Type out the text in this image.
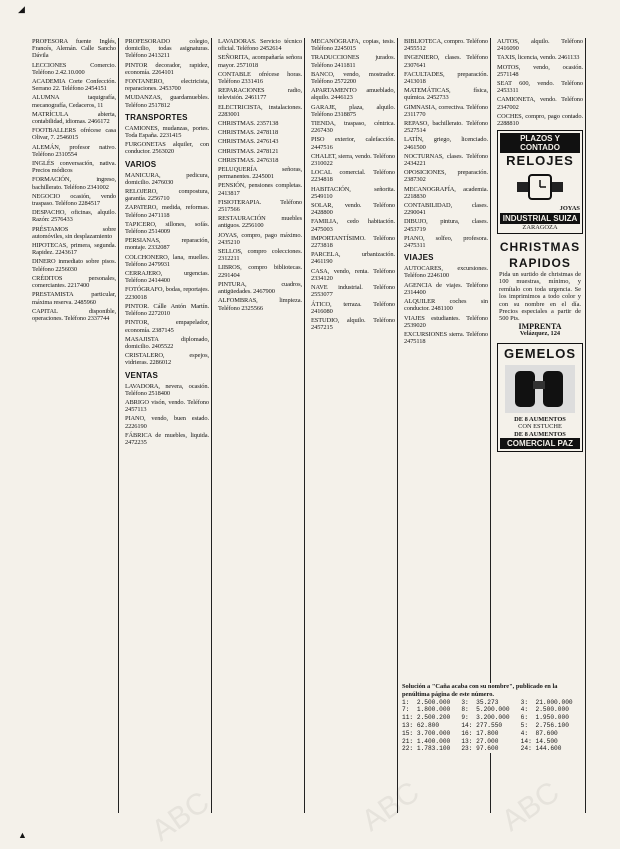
◢
▲	ABC	ABC ABC
PROFESORA fuente Inglés, Francés, Alemán. Calle Sancho Dávila
LECCIONES Comercio. Teléfono 2.42.10.000
ACADEMIA Corte Confección. Serrano 22. Teléfono 2454151
ALUMNA taquigrafía, mecanografía, Cedaceros, 11
MATRÍCULA abierta, contabilidad, idiomas. 2466172
FOOTBALLERS ofrécese casa Olivar, 7. 2546015
ALEMÁN, profesor nativo. Teléfono 2310554
INGLÉS conversación, nativa. Precios módicos
FORMACIÓN, ingreso, bachillerato. Teléfono 2341002
NEGOCIO ocasión, vendo traspaso. Teléfono 2284517
DESPACHO, oficinas, alquilo. Razón: 2576433
PRÉSTAMOS sobre automóviles, sin desplazamiento
HIPOTECAS, primera, segunda. Rapidez. 2243617
DINERO inmediato sobre pisos. Teléfono 2256030
CRÉDITOS personales, comerciantes. 2217400
PRESTAMISTA particular, máxima reserva. 2485960
CAPITAL disponible, operaciones. Teléfono 2337744
PROFESORADO colegio, domicilio, todas asignaturas. Teléfono 2413211
PINTOR decorador, rapidez, economía. 2264101
FONTANERO, electricista, reparaciones. 2453700
MUDANZAS, guardamuebles. Teléfono 2517812
TRANSPORTES
CAMIONES, mudanzas, portes. Toda España. 2231415
FURGONETAS alquiler, con conductor. 2563020
VARIOS
MANICURA, pedicura, domicilio. 2476030
RELOJERO, compostura, garantía. 2256710
ZAPATERO, medida, reformas. Teléfono 2471118
TAPICERO, sillones, sofás. Teléfono 2514009
PERSIANAS, reparación, montaje. 2332087
COLCHONERO, lana, muelles. Teléfono 2479931
CERRAJERO, urgencias. Teléfono 2414400
FOTÓGRAFO, bodas, reportajes. 2230018
PINTOR. Cálle Antón Martín. Teléfono 2272010
PINTOR, empapelador, economía. 2387145
MASAJISTA diplomado, domicilio. 2405522
CRISTALERO, espejos, vidrieras. 2286012
VENTAS
LAVADORA, nevera, ocasión. Teléfono 2518400
ABRIGO visón, vendo. Teléfono 2457113
PIANO, vendo, buen estado. 2226190
FÁBRICA de muebles, liquida. 2472235
LAVADORAS. Servicio técnico oficial. Teléfono 2452614
SEÑORITA, acompañaría señora mayor. 2571018
CONTABLE ofrécese horas. Teléfono 2331416
REPARACIONES radio, televisión. 2461177
ELECTRICISTA, instalaciones. 2283001
CHRISTMAS. 2357138
CHRISTMAS. 2478118
CHRISTMAS. 2476143
CHRISTMAS. 2478121
CHRISTMAS. 2476318
PELUQUERÍA señoras, permanentes. 2245001
PENSIÓN, pensiones completas. 2413817
FISIOTERAPIA. Teléfono 2517566
RESTAURACIÓN muebles antiguos. 2256100
JOYAS, compro, pago máximo. 2435210
SELLOS, compro colecciones. 2312211
LIBROS, compro bibliotecas. 2291404
PINTURA, cuadros, antigüedades. 2467900
ALFOMBRAS, limpieza. Teléfono 2325566
MECANÓGRAFA, copias, tesis. Teléfono 2245015
TRADUCCIONES jurados. Teléfono 2411811
BANCO, vendo, mostrador. Teléfono 2572200
APARTAMENTO amueblado, alquilo. 2446123
GARAJE, plaza, alquilo. Teléfono 2318875
TIENDA, traspaso, céntrica. 2267430
PISO exterior, calefacción. 2447516
CHALET, sierra, vendo. Teléfono 2310022
LOCAL comercial. Teléfono 2234818
HABITACIÓN, señorita. 2549110
SOLAR, vendo. Teléfono 2428800
FAMILIA, cedo habitación. 2475003
IMPORTANTÍSIMO. Teléfono 2273818
PARCELA, urbanización. 2461190
CASA, vendo, renta. Teléfono 2334120
NAVE industrial. Teléfono 2553077
ÁTICO, terraza. Teléfono 2416080
ESTUDIO, alquilo. Teléfono 2457215
BIBLIOTECA, compro. Teléfono 2455512
INGENIERO, clases. Teléfono 2307641
FACULTADES, preparación. 2413018
MATEMÁTICAS, física, química. 2452733
GIMNASIA, correctiva. Teléfono 2311770
REPASO, bachillerato. Teléfono 2527514
LATÍN, griego, licenciado. 2461500
NOCTURNAS, clases. Teléfono 2434221
OPOSICIONES, preparación. 2387302
MECANOGRAFÍA, academia. 2218830
CONTABILIDAD, clases. 2290041
DIBUJO, pintura, clases. 2453719
PIANO, solfeo, profesora. 2475311
VIAJES
AUTOCARES, excursiones. Teléfono 2246100
AGENCIA de viajes. Teléfono 2314400
ALQUILER coches sin conductor. 2481100
VIAJES estudiantes. Teléfono 2539020
EXCURSIONES sierra. Teléfono 2475118
AUTOS, alquilo. Teléfono 2416090
TAXIS, licencia, vendo. 2461133
MOTOS, vendo, ocasión. 2571148
SEAT 600, vendo. Teléfono 2453311
CAMIONETA, vendo. Teléfono 2347002
COCHES, compro, pago contado. 2288810
PLAZOS Y CONTADO
RELOJES
JOYAS
INDUSTRIAL SUIZA
ZARAGOZA
CHRISTMAS RAPIDOS
Pida un surtido de christmas de 100 muestras, mínimo, y remítalo con toda urgencia. Se los imprimimos a todo color y con su nombre en el día. Precios especiales a partir de 500 Pts.
IMPRENTA
Velázquez, 124
GEMELOS
DE 8 AUMENTOS
CON ESTUCHE
DE 8 AUMENTOS
COMERCIAL PAZ
Solución a "Caña acaba con su nombre", publicado en la penúltima página de este número.
1:	2.500.000	3:	35.273	3:	21.000.000
7:	1.800.000	8:	5.200.000	4:	2.500.000
11:	2.500.200	9:	3.200.000	6:	1.950.000
13:	62.800	14:	277.550	5:	2.756.100
15:	3.700.000	16:	17.800	4:	87.600
21:	1.400.000	13:	27.000	14:	14.500
22:	1.783.100	23:	97.600	24:	144.600
